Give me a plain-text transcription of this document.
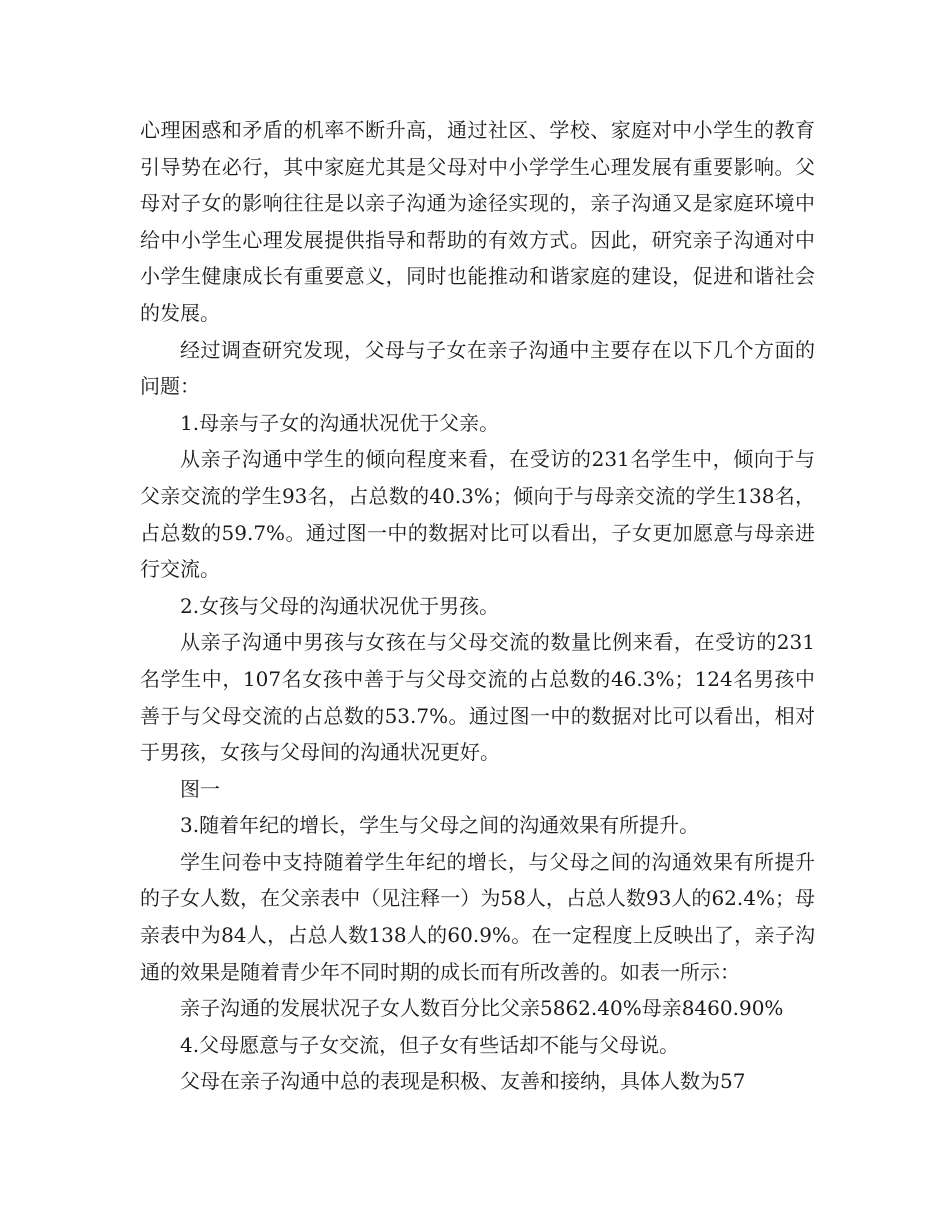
心理困惑和矛盾的机率不断升高，通过社区、学校、家庭对中小学生的教育引导势在必行，其中家庭尤其是父母对中小学学生心理发展有重要影响。父母对子女的影响往往是以亲子沟通为途径实现的，亲子沟通又是家庭环境中给中小学生心理发展提供指导和帮助的有效方式。因此，研究亲子沟通对中小学生健康成长有重要意义，同时也能推动和谐家庭的建设，促进和谐社会的发展。

经过调查研究发现，父母与子女在亲子沟通中主要存在以下几个方面的问题：

1.母亲与子女的沟通状况优于父亲。

从亲子沟通中学生的倾向程度来看，在受访的231名学生中，倾向于与父亲交流的学生93名，占总数的40.3%；倾向于与母亲交流的学生138名，占总数的59.7%。通过图一中的数据对比可以看出，子女更加愿意与母亲进行交流。

2.女孩与父母的沟通状况优于男孩。

从亲子沟通中男孩与女孩在与父母交流的数量比例来看，在受访的231名学生中，107名女孩中善于与父母交流的占总数的46.3%；124名男孩中善于与父母交流的占总数的53.7%。通过图一中的数据对比可以看出，相对于男孩，女孩与父母间的沟通状况更好。

图一

3.随着年纪的增长，学生与父母之间的沟通效果有所提升。

学生问卷中支持随着学生年纪的增长，与父母之间的沟通效果有所提升的子女人数，在父亲表中（见注释一）为58人，占总人数93人的62.4%；母亲表中为84人，占总人数138人的60.9%。在一定程度上反映出了，亲子沟通的效果是随着青少年不同时期的成长而有所改善的。如表一所示：

亲子沟通的发展状况子女人数百分比父亲5862.40%母亲8460.90%

4.父母愿意与子女交流，但子女有些话却不能与父母说。

父母在亲子沟通中总的表现是积极、友善和接纳，具体人数为57
